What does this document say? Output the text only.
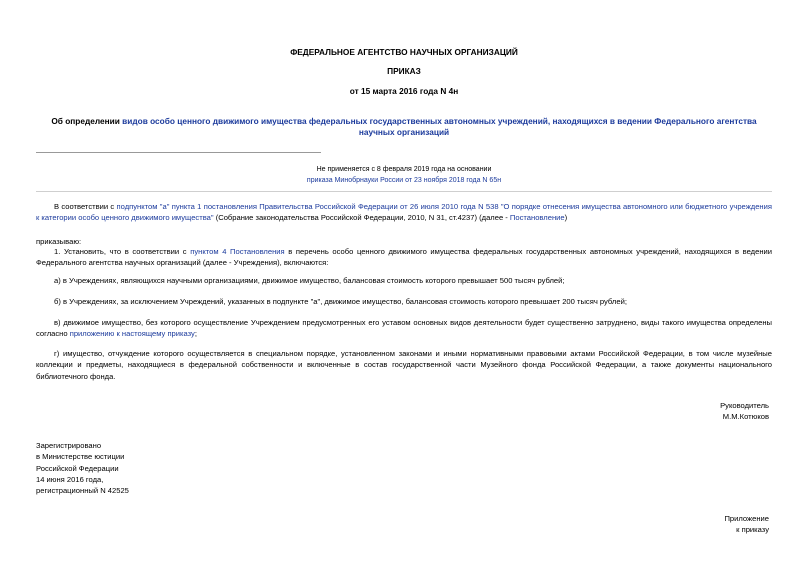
ФЕДЕРАЛЬНОЕ АГЕНТСТВО НАУЧНЫХ ОРГАНИЗАЦИЙ
ПРИКАЗ
от 15 марта 2016 года N 4н
Об определении видов особо ценного движимого имущества федеральных государственных автономных учреждений, находящихся в ведении Федерального агентства научных организаций
Не применяется с 8 февраля 2019 года на основании
приказа Минобрнауки России от 23 ноября 2018 года N 65н
В соответствии с подпунктом "а" пункта 1 постановления Правительства Российской Федерации от 26 июля 2010 года N 538 "О порядке отнесения имущества автономного или бюджетного учреждения к категории особо ценного движимого имущества" (Собрание законодательства Российской Федерации, 2010, N 31, ст.4237) (далее - Постановление)
приказываю:
1. Установить, что в соответствии с пунктом 4 Постановления в перечень особо ценного движимого имущества федеральных государственных автономных учреждений, находящихся в ведении Федерального агентства научных организаций (далее - Учреждения), включаются:
а) в Учреждениях, являющихся научными организациями, движимое имущество, балансовая стоимость которого превышает 500 тысяч рублей;
б) в Учреждениях, за исключением Учреждений, указанных в подпункте "а", движимое имущество, балансовая стоимость которого превышает 200 тысяч рублей;
в) движимое имущество, без которого осуществление Учреждением предусмотренных его уставом основных видов деятельности будет существенно затруднено, виды такого имущества определены согласно приложению к настоящему приказу;
г) имущество, отчуждение которого осуществляется в специальном порядке, установленном законами и иными нормативными правовыми актами Российской Федерации, в том числе музейные коллекции и предметы, находящиеся в федеральной собственности и включенные в состав государственной части Музейного фонда Российской Федерации, а также документы национального библиотечного фонда.
Руководитель
М.М.Котюков
Зарегистрировано
в Министерстве юстиции
Российской Федерации
14 июня 2016 года,
регистрационный N 42525
Приложение
к приказу
